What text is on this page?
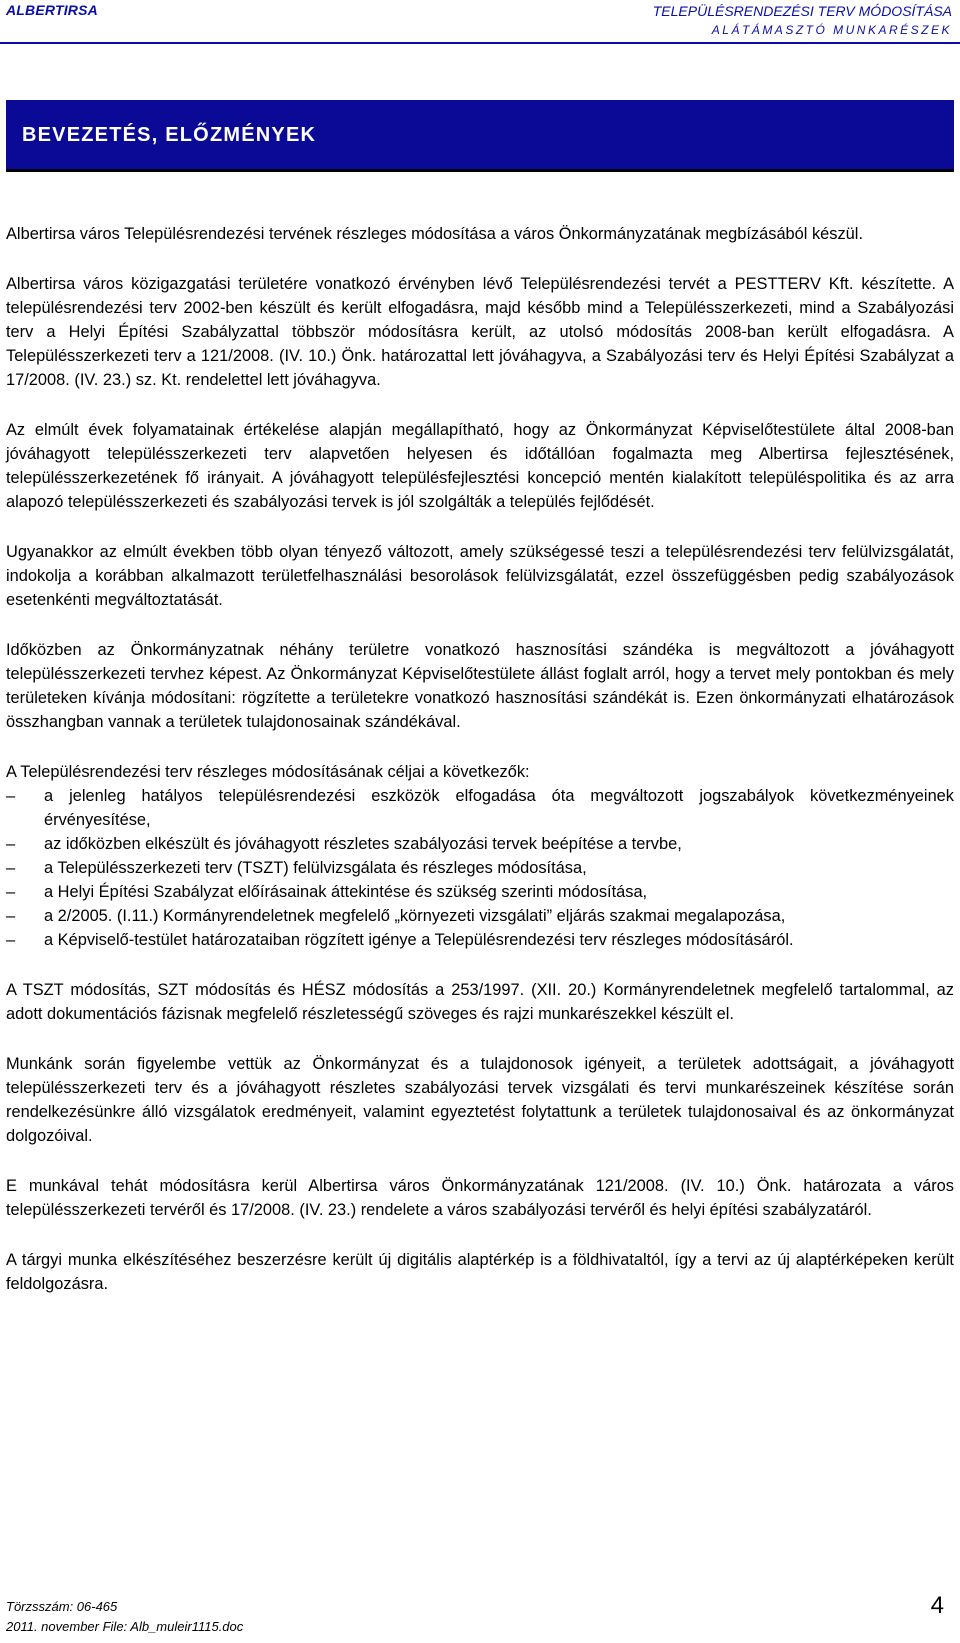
ALBERTIRSA	TELEPÜLÉSRENDEZÉSI TERV MÓDOSÍTÁSA
ALÁTÁMASZTÓ MUNKARÉSZEK
BEVEZETÉS, ELŐZMÉNYEK

Albertirsa város Településrendezési tervének részleges módosítása a város Önkormányzatának megbízásából készül.

Albertirsa város közigazgatási területére vonatkozó érvényben lévő Településrendezési tervét a PESTTERV Kft. készítette. A településrendezési terv 2002-ben készült és került elfogadásra, majd később mind a Településszerkezeti, mind a Szabályozási terv a Helyi Építési Szabályzattal többször módosításra került, az utolsó módosítás 2008-ban került elfogadásra. A Településszerkezeti terv a 121/2008. (IV. 10.) Önk. határozattal lett jóváhagyva, a Szabályozási terv és Helyi Építési Szabályzat a 17/2008. (IV. 23.) sz. Kt. rendelettel lett jóváhagyva.

Az elmúlt évek folyamatainak értékelése alapján megállapítható, hogy az Önkormányzat Képviselőtestülete által 2008-ban jóváhagyott településszerkezeti terv alapvetően helyesen és időtállóan fogalmazta meg Albertirsa fejlesztésének, településszerkezetének fő irányait. A jóváhagyott településfejlesztési koncepció mentén kialakított településpolitika és az arra alapozó településszerkezeti és szabályozási tervek is jól szolgálták a település fejlődését.

Ugyanakkor az elmúlt években több olyan tényező változott, amely szükségessé teszi a településrendezési terv felülvizsgálatát, indokolja a korábban alkalmazott területfelhasználási besorolások felülvizsgálatát, ezzel összefüggésben pedig szabályozások esetenkénti megváltoztatását.

Időközben az Önkormányzatnak néhány területre vonatkozó hasznosítási szándéka is megváltozott a jóváhagyott településszerkezeti tervhez képest. Az Önkormányzat Képviselőtestülete állást foglalt arról, hogy a tervet mely pontokban és mely területeken kívánja módosítani: rögzítette a területekre vonatkozó hasznosítási szándékát is. Ezen önkormányzati elhatározások összhangban vannak a területek tulajdonosainak szándékával.

A Településrendezési terv részleges módosításának céljai a következők:

–	a jelenleg hatályos településrendezési eszközök elfogadása óta megváltozott jogszabályok következményeinek érvényesítése,
–	az időközben elkészült és jóváhagyott részletes szabályozási tervek beépítése a tervbe,
–	a Településszerkezeti terv (TSZT) felülvizsgálata és részleges módosítása,
–	a Helyi Építési Szabályzat előírásainak áttekintése és szükség szerinti módosítása,
–	a 2/2005. (I.11.) Kormányrendeletnek megfelelő „környezeti vizsgálati” eljárás szakmai megalapozása,
–	a Képviselő-testület határozataiban rögzített igénye a Településrendezési terv részleges módosításáról.

A TSZT módosítás, SZT módosítás és HÉSZ módosítás a 253/1997. (XII. 20.) Kormányrendeletnek megfelelő tartalommal, az adott dokumentációs fázisnak megfelelő részletességű szöveges és rajzi munkarészekkel készült el.

Munkánk során figyelembe vettük az Önkormányzat és a tulajdonosok igényeit, a területek adottságait, a jóváhagyott településszerkezeti terv és a jóváhagyott részletes szabályozási tervek vizsgálati és tervi munkarészeinek készítése során rendelkezésünkre álló vizsgálatok eredményeit, valamint egyeztetést folytattunk a területek tulajdonosaival és az önkormányzat dolgozóival.

E munkával tehát módosításra kerül Albertirsa város Önkormányzatának 121/2008. (IV. 10.) Önk. határozata a város településszerkezeti tervéről és 17/2008. (IV. 23.) rendelete a város szabályozási tervéről és helyi építési szabályzatáról.

A tárgyi munka elkészítéséhez beszerzésre került új digitális alaptérkép is a földhivataltól, így a tervi az új alaptérképeken került feldolgozásra.

Törzsszám: 06-465
2011. november File: Alb_muleir1115.doc
4
